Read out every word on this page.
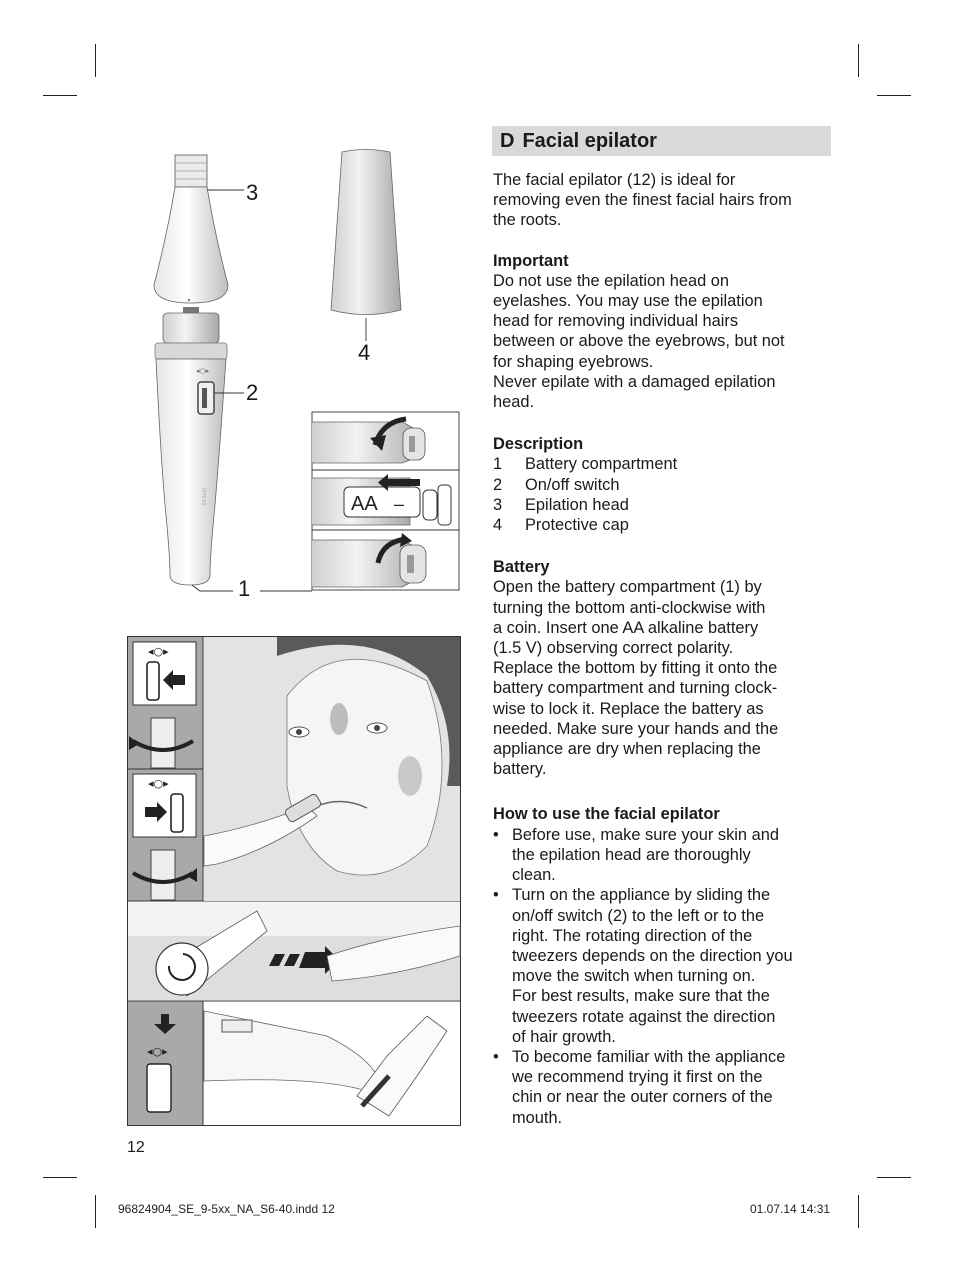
◂○▸
braun
3
2
1
4
AA –
◂○▸
◂○▸
◂○▸
D Facial epilator

The facial epilator (12) is ideal for
removing even the finest facial hairs from
the roots.

Important

Do not use the epilation head on
eyelashes. You may use the epilation
head for removing individual hairs
between or above the eyebrows, but not
for shaping eyebrows.
Never epilate with a damaged epilation
head.

Description
1	Battery compartment
2	On/off switch
3	Epilation head
4	Protective cap
Battery

Open the battery compartment (1) by
turning the bottom anti-clockwise with
a coin. Insert one AA alkaline battery
(1.5 V) observing correct polarity.
Replace the bottom by fitting it onto the
battery compartment and turning clock-
wise to lock it. Replace the battery as
needed. Make sure your hands and the
appliance are dry when replacing the
battery.

How to use the facial epilator
• Before use, make sure your skin and
the epilation head are thoroughly
clean.
• Turn on the appliance by sliding the
on/off switch (2) to the left or to the
right. The rotating direction of the
tweezers depends on the direction you
move the switch when turning on.
For best results, make sure that the
tweezers rotate against the direction
of hair growth.
• To become familiar with the appliance
we recommend trying it first on the
chin or near the outer corners of the
mouth.
12
96824904_SE_9-5xx_NA_S6-40.indd 12	01.07.14 14:31
